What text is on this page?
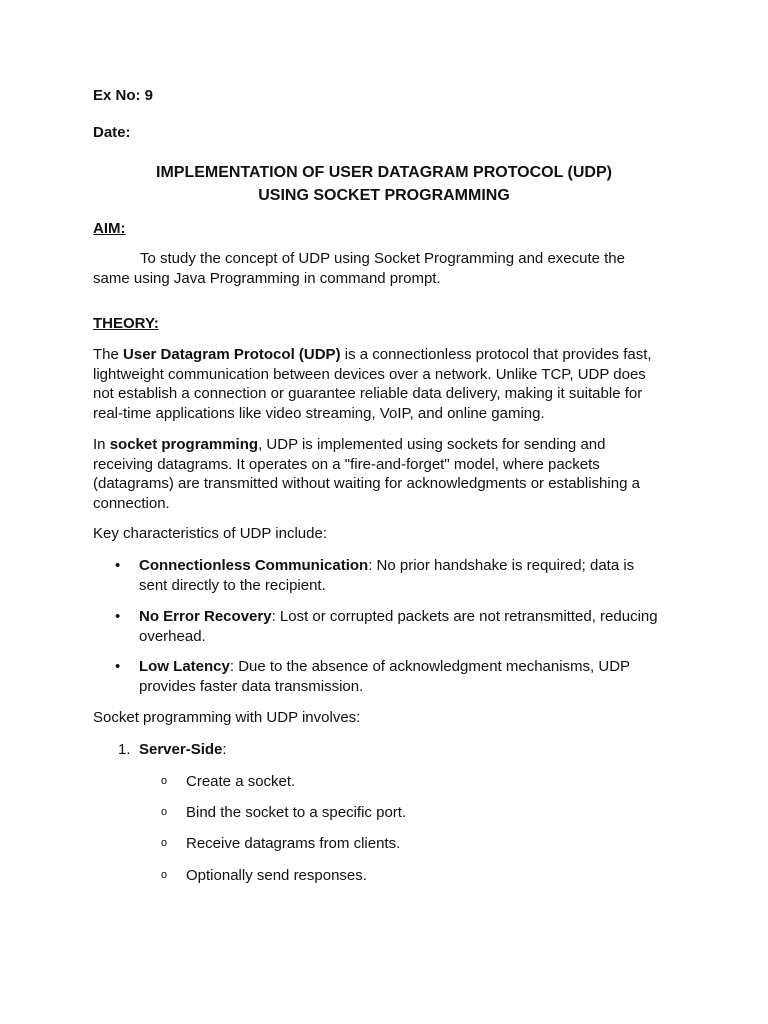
Ex No: 9
Date:
IMPLEMENTATION OF USER DATAGRAM PROTOCOL (UDP)
USING SOCKET PROGRAMMING
AIM:
To study the concept of UDP using Socket Programming and execute the
same using Java Programming in command prompt.
THEORY:
The User Datagram Protocol (UDP) is a connectionless protocol that provides fast,
lightweight communication between devices over a network. Unlike TCP, UDP does
not establish a connection or guarantee reliable data delivery, making it suitable for
real-time applications like video streaming, VoIP, and online gaming.
In socket programming, UDP is implemented using sockets for sending and
receiving datagrams. It operates on a "fire-and-forget" model, where packets
(datagrams) are transmitted without waiting for acknowledgments or establishing a
connection.
Key characteristics of UDP include:
• Connectionless Communication: No prior handshake is required; data is
sent directly to the recipient.
• No Error Recovery: Lost or corrupted packets are not retransmitted, reducing
overhead.
• Low Latency: Due to the absence of acknowledgment mechanisms, UDP
provides faster data transmission.
Socket programming with UDP involves:
1. Server-Side:
o Create a socket.
o Bind the socket to a specific port.
o Receive datagrams from clients.
o Optionally send responses.
